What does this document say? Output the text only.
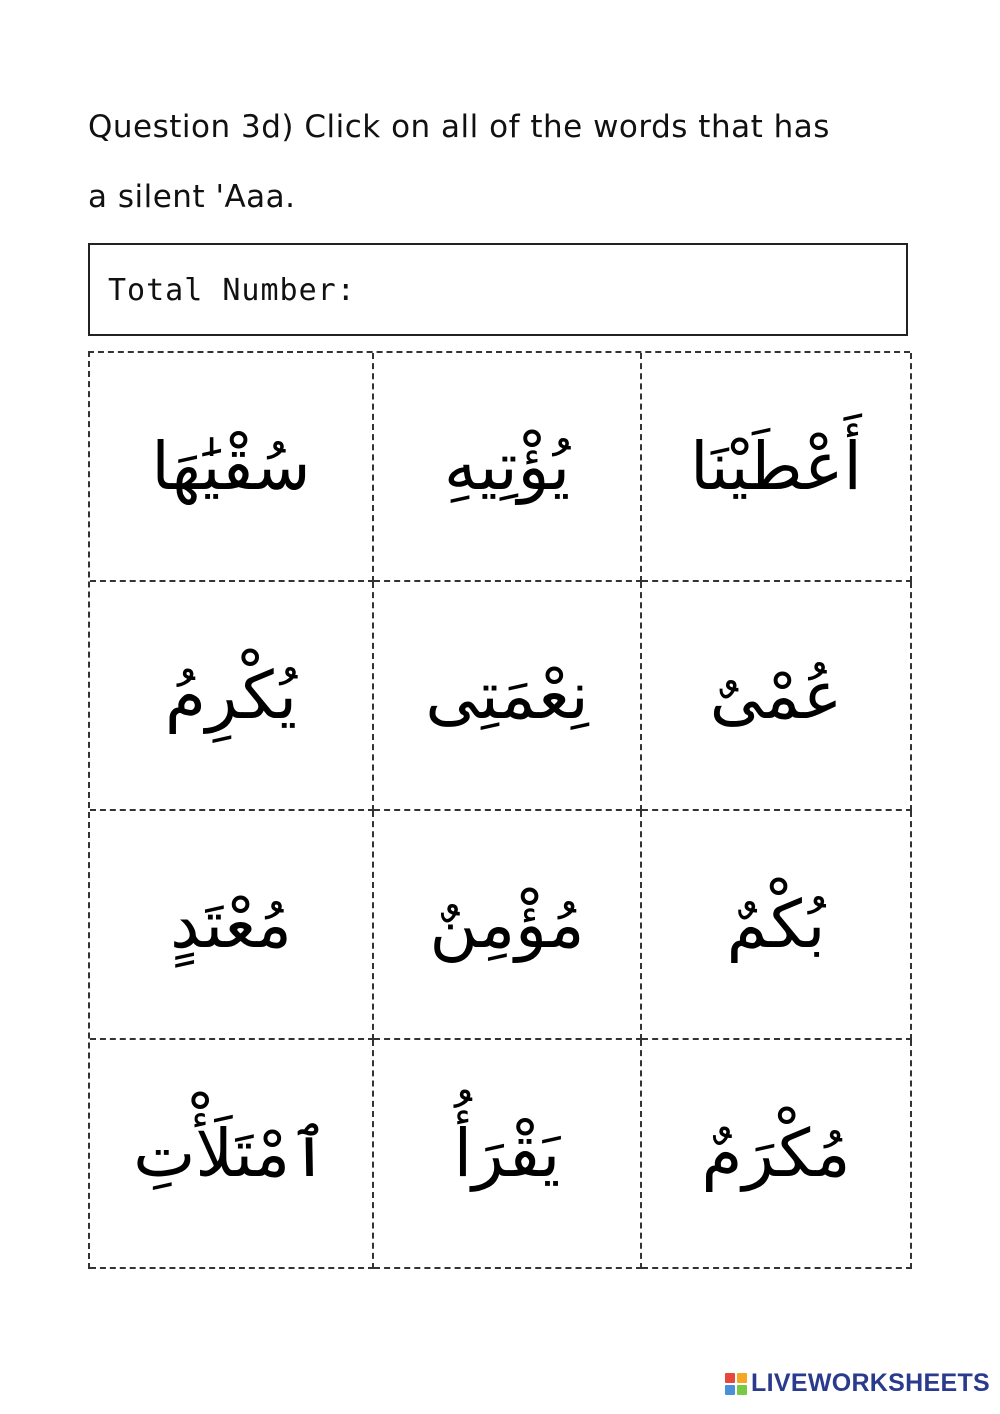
Question 3d) Click on all of the words that has
a silent 'Aaa.
Total Number:
سُقْيَٰهَا يُؤْتِيهِ أَعْطَيْنَا
يُكْرِمُ نِعْمَتِى عُمْىٌ
مُعْتَدٍ مُؤْمِنٌ بُكْمٌ
ٱمْتَلَأْتِ يَقْرَأُ مُكْرَمٌ
LIVEWORKSHEETS
